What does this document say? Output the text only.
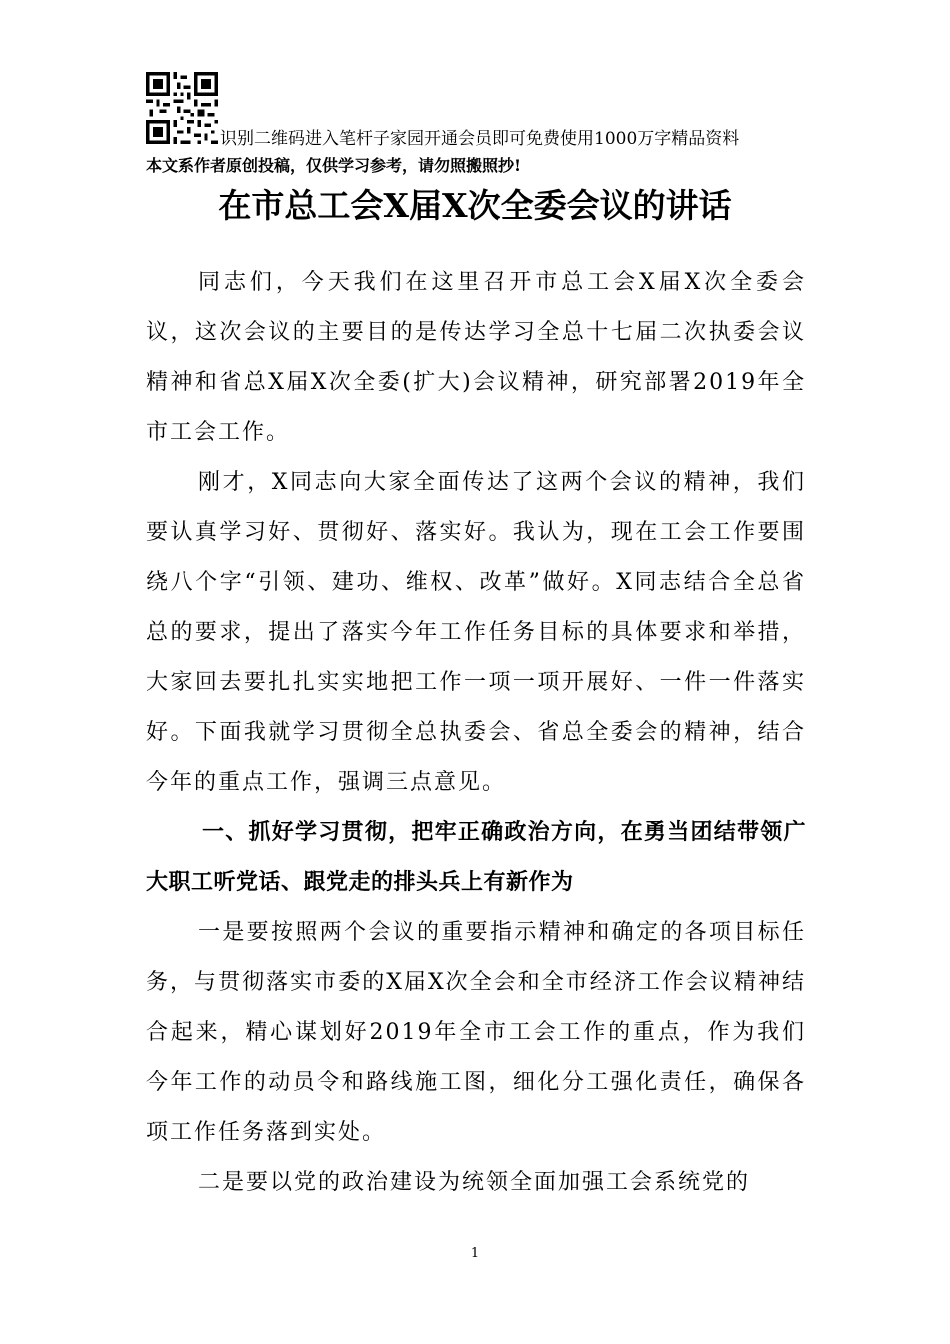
识别二维码进入笔杆子家园开通会员即可免费使用1000万字精品资料
本文系作者原创投稿，仅供学习参考，请勿照搬照抄!
在市总工会X届X次全委会议的讲话

同志们，今天我们在这里召开市总工会X届X次全委会议，这次会议的主要目的是传达学习全总十七届二次执委会议精神和省总X届X次全委(扩大)会议精神，研究部署2019年全市工会工作。

刚才，X同志向大家全面传达了这两个会议的精神，我们要认真学习好、贯彻好、落实好。我认为，现在工会工作要围绕八个字“引领、建功、维权、改革”做好。X同志结合全总省总的要求，提出了落实今年工作任务目标的具体要求和举措，大家回去要扎扎实实地把工作一项一项开展好、一件一件落实好。下面我就学习贯彻全总执委会、省总全委会的精神，结合今年的重点工作，强调三点意见。

一、抓好学习贯彻，把牢正确政治方向，在勇当团结带领广大职工听党话、跟党走的排头兵上有新作为

一是要按照两个会议的重要指示精神和确定的各项目标任务，与贯彻落实市委的X届X次全会和全市经济工作会议精神结合起来，精心谋划好2019年全市工会工作的重点，作为我们今年工作的动员令和路线施工图，细化分工强化责任，确保各项工作任务落到实处。

二是要以党的政治建设为统领全面加强工会系统党的

1
